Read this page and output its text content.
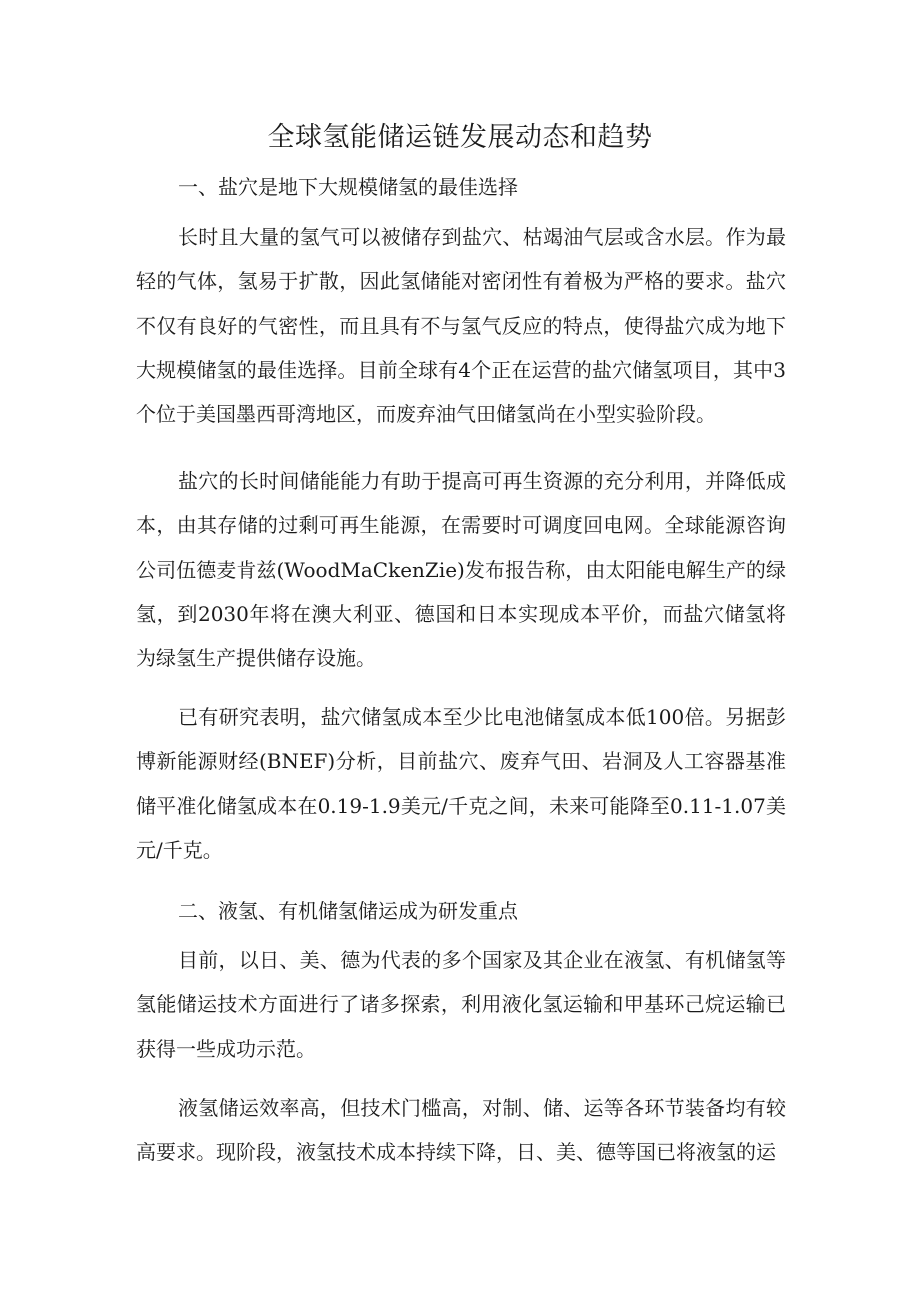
全球氢能储运链发展动态和趋势
一、盐穴是地下大规模储氢的最佳选择

长时且大量的氢气可以被储存到盐穴、枯竭油气层或含水层。作为最轻的气体，氢易于扩散，因此氢储能对密闭性有着极为严格的要求。盐穴不仅有良好的气密性，而且具有不与氢气反应的特点，使得盐穴成为地下大规模储氢的最佳选择。目前全球有4个正在运营的盐穴储氢项目，其中3个位于美国墨西哥湾地区，而废弃油气田储氢尚在小型实验阶段。

盐穴的长时间储能能力有助于提高可再生资源的充分利用，并降低成本，由其存储的过剩可再生能源，在需要时可调度回电网。全球能源咨询公司伍德麦肯兹(WoodMaCkenZie)发布报告称，由太阳能电解生产的绿氢，到2030年将在澳大利亚、德国和日本实现成本平价，而盐穴储氢将为绿氢生产提供储存设施。

已有研究表明，盐穴储氢成本至少比电池储氢成本低100倍。另据彭博新能源财经(BNEF)分析，目前盐穴、废弃气田、岩洞及人工容器基准储平准化储氢成本在0.19-1.9美元/千克之间，未来可能降至0.11-1.07美元/千克。

二、液氢、有机储氢储运成为研发重点

目前，以日、美、德为代表的多个国家及其企业在液氢、有机储氢等氢能储运技术方面进行了诸多探索，利用液化氢运输和甲基环己烷运输已获得一些成功示范。

液氢储运效率高，但技术门槛高，对制、储、运等各环节装备均有较高要求。现阶段，液氢技术成本持续下降，日、美、德等国已将液氢的运
